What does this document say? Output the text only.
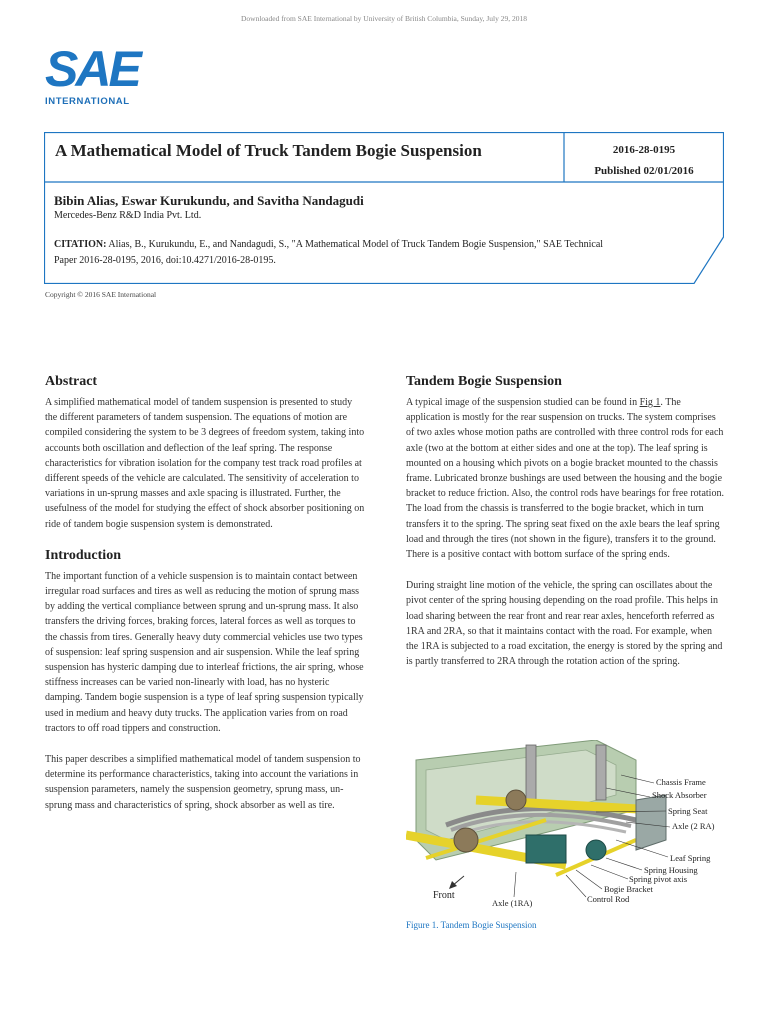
Downloaded from SAE International by University of British Columbia, Sunday, July 29, 2018
SAE
INTERNATIONAL
A Mathematical Model of Truck Tandem Bogie Suspension	2016-28-0195
Published 02/01/2016
Bibin Alias, Eswar Kurukundu, and Savitha Nandagudi
Mercedes-Benz R&D India Pvt. Ltd.
CITATION: Alias, B., Kurukundu, E., and Nandagudi, S., "A Mathematical Model of Truck Tandem Bogie Suspension," SAE Technical Paper 2016-28-0195, 2016, doi:10.4271/2016-28-0195.
Copyright © 2016 SAE International
Abstract

A simplified mathematical model of tandem suspension is presented to study the different parameters of tandem suspension. The equations of motion are compiled considering the system to be 3 degrees of freedom system, taking into accounts both oscillation and deflection of the leaf spring. The response characteristics for vibration isolation for the company test track road profiles at different speeds of the vehicle are calculated. The sensitivity of acceleration to variations in un-sprung masses and axle spacing is illustrated. Further, the usefulness of the model for studying the effect of shock absorber positioning on ride of tandem bogie suspension system is demonstrated.

Introduction

The important function of a vehicle suspension is to maintain contact between irregular road surfaces and tires as well as reducing the motion of sprung mass by adding the vertical compliance between sprung and un-sprung mass. It also transfers the driving forces, braking forces, lateral forces as well as torques to the chassis from tires. Generally heavy duty commercial vehicles use two types of suspension: leaf spring suspension and air suspension. While the leaf spring suspension has hysteric damping due to interleaf frictions, the air spring, whose stiffness increases can be varied non-linearly with load, has no hysteric damping. Tandem bogie suspension is a type of leaf spring suspension typically used in medium and heavy duty trucks. The application varies from on road tractors to off road tippers and construction.

This paper describes a simplified mathematical model of tandem suspension to determine its performance characteristics, taking into account the variations in suspension parameters, namely the suspension geometry, sprung mass, un-sprung mass and characteristics of spring, shock absorber as well as tire.

Tandem Bogie Suspension

A typical image of the suspension studied can be found in Fig 1. The application is mostly for the rear suspension on trucks. The system comprises of two axles whose motion paths are controlled with three control rods for each axle (two at the bottom at either sides and one at the top). The leaf spring is mounted on a housing which pivots on a bogie bracket mounted to the chassis frame. Lubricated bronze bushings are used between the housing and the bogie bracket to reduce friction. Also, the control rods have bearings for free rotation. The load from the chassis is transferred to the bogie bracket, which in turn transfers it to the spring. The spring seat fixed on the axle bears the leaf spring load and through the tires (not shown in the figure), transfers it to the ground. There is a positive contact with bottom surface of the spring ends.

During straight line motion of the vehicle, the spring can oscillates about the pivot center of the spring housing depending on the road profile. This helps in load sharing between the rear front and rear rear axles, henceforth referred as 1RA and 2RA, so that it maintains contact with the road. For example, when the 1RA is subjected to a road excitation, the energy is stored by the spring and is partly transferred to 2RA through the rotation action of the spring.

Chassis Frame
Shock Absorber
Spring Seat
Axle (2 RA)
Leaf Spring
Spring Housing
Spring pivot axis
Bogie Bracket
Control Rod
Front
Axle (1RA)
Figure 1. Tandem Bogie Suspension
